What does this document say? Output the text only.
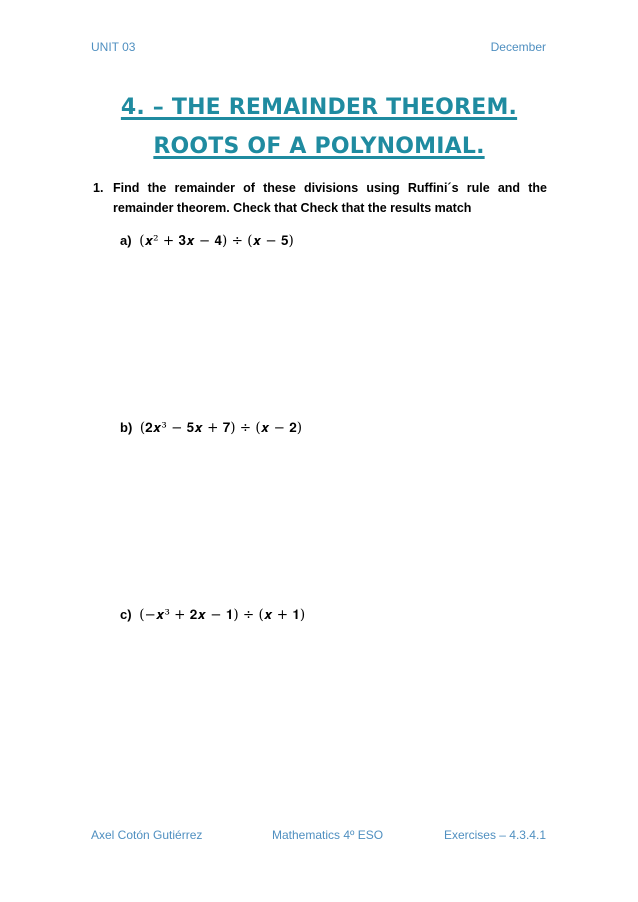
UNIT 03	December
4. – THE REMAINDER THEOREM.
ROOTS OF A POLYNOMIAL.
1. Find the remainder of these divisions using Ruffini´s rule and the remainder theorem. Check that Check that the results match
a) (𝒙² + 𝟑𝒙 − 𝟒) ÷ (𝒙 − 𝟓)
b) (𝟐𝒙³ − 𝟓𝒙 + 𝟕) ÷ (𝒙 − 𝟐)
c) (−𝒙³ + 𝟐𝒙 − 𝟏) ÷ (𝒙 + 𝟏)
Axel Cotón Gutiérrez	Mathematics 4º ESO	Exercises – 4.3.4.1
